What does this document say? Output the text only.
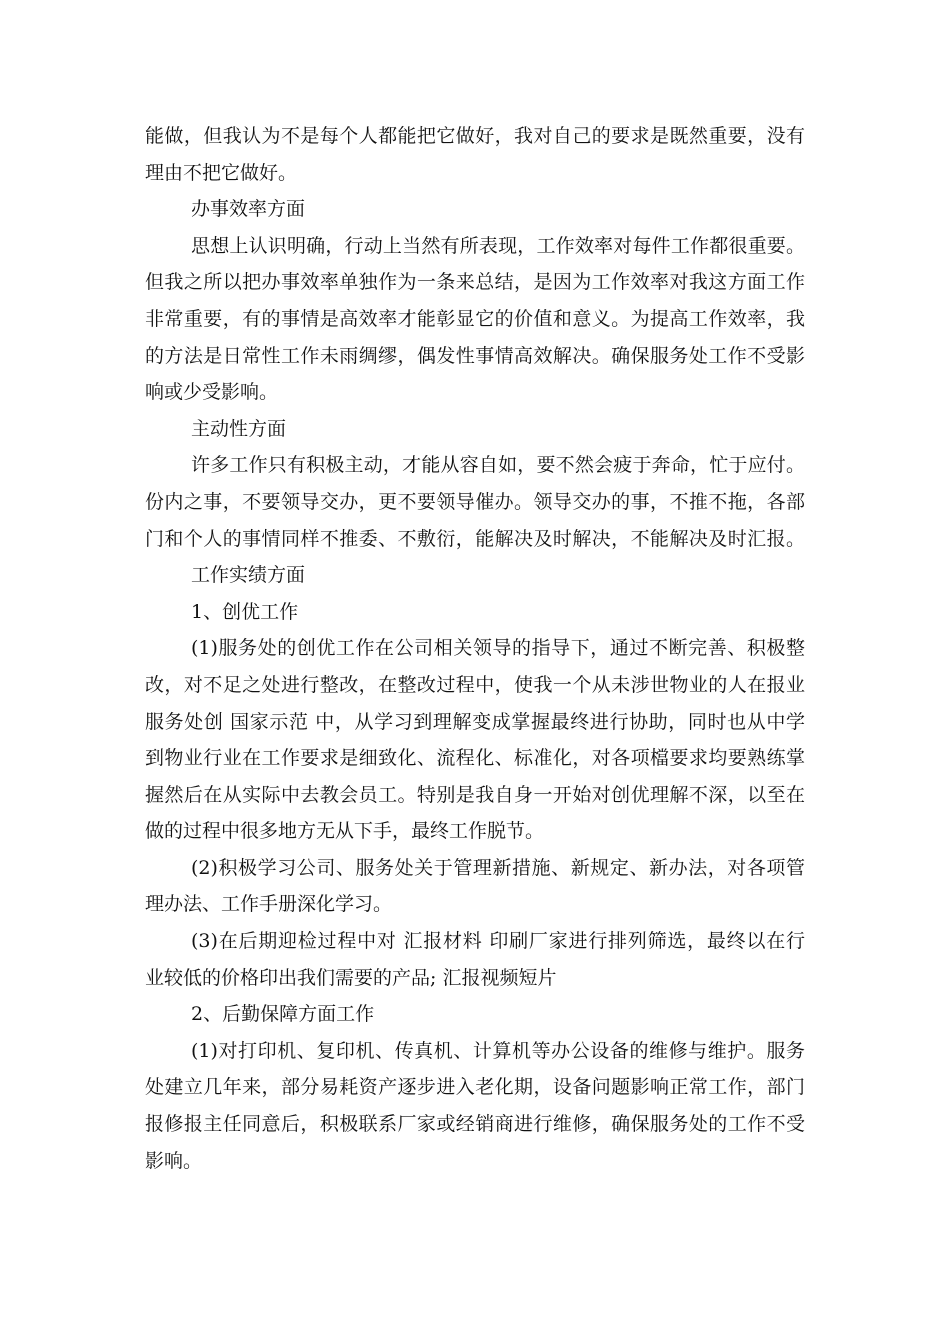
能做，但我认为不是每个人都能把它做好，我对自己的要求是既然重要，没有
理由不把它做好。
办事效率方面
思想上认识明确，行动上当然有所表现，工作效率对每件工作都很重要。
但我之所以把办事效率单独作为一条来总结，是因为工作效率对我这方面工作
非常重要，有的事情是高效率才能彰显它的价值和意义。为提高工作效率，我
的方法是日常性工作未雨绸缪，偶发性事情高效解决。确保服务处工作不受影
响或少受影响。
主动性方面
许多工作只有积极主动，才能从容自如，要不然会疲于奔命，忙于应付。
份内之事，不要领导交办，更不要领导催办。领导交办的事，不推不拖，各部
门和个人的事情同样不推委、不敷衍，能解决及时解决，不能解决及时汇报。
工作实绩方面
1、创优工作
(1)服务处的创优工作在公司相关领导的指导下，通过不断完善、积极整
改，对不足之处进行整改，在整改过程中，使我一个从未涉世物业的人在报业
服务处创 国家示范 中，从学习到理解变成掌握最终进行协助，同时也从中学
到物业行业在工作要求是细致化、流程化、标准化，对各项檔要求均要熟练掌
握然后在从实际中去教会员工。特别是我自身一开始对创优理解不深，以至在
做的过程中很多地方无从下手，最终工作脱节。
(2)积极学习公司、服务处关于管理新措施、新规定、新办法，对各项管
理办法、工作手册深化学习。
(3)在后期迎检过程中对 汇报材料 印刷厂家进行排列筛选，最终以在行
业较低的价格印出我们需要的产品; 汇报视频短片
2、后勤保障方面工作
(1)对打印机、复印机、传真机、计算机等办公设备的维修与维护。服务
处建立几年来，部分易耗资产逐步进入老化期，设备问题影响正常工作，部门
报修报主任同意后，积极联系厂家或经销商进行维修，确保服务处的工作不受
影响。
